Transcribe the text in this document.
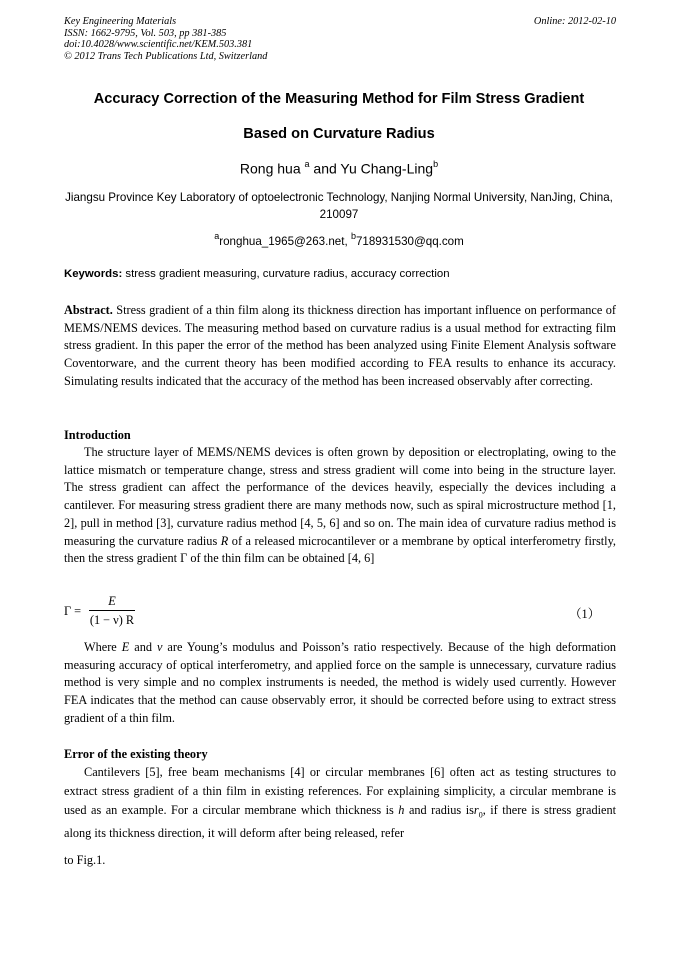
Key Engineering Materials
ISSN: 1662-9795, Vol. 503, pp 381-385
doi:10.4028/www.scientific.net/KEM.503.381
© 2012 Trans Tech Publications Ltd, Switzerland
Online: 2012-02-10
Accuracy Correction of the Measuring Method for Film Stress Gradient
Based on Curvature Radius
Rong hua $^a$ and Yu Chang-Ling$^b$
Jiangsu Province Key Laboratory of optoelectronic Technology, Nanjing Normal University, NanJing, China, 210097
$^a$ronghua_1965@263.net, $^b$718931530@qq.com
Keywords: stress gradient measuring, curvature radius, accuracy correction
Abstract. Stress gradient of a thin film along its thickness direction has important influence on performance of MEMS/NEMS devices. The measuring method based on curvature radius is a usual method for extracting film stress gradient. In this paper the error of the method has been analyzed using Finite Element Analysis software Coventorware, and the current theory has been modified according to FEA results to enhance its accuracy. Simulating results indicated that the accuracy of the method has been increased observably after correcting.
Introduction
The structure layer of MEMS/NEMS devices is often grown by deposition or electroplating, owing to the lattice mismatch or temperature change, stress and stress gradient will come into being in the structure layer. The stress gradient can affect the performance of the devices heavily, especially the devices including a cantilever. For measuring stress gradient there are many methods now, such as spiral microstructure method [1, 2], pull in method [3], curvature radius method [4, 5, 6] and so on. The main idea of curvature radius method is measuring the curvature radius R of a released microcantilever or a membrane by optical interferometry firstly, then the stress gradient Γ of the thin film can be obtained [4, 6]
Γ =
E
(1 − ν) R	（1）
Where E and ν are Young’s modulus and Poisson’s ratio respectively. Because of the high deformation measuring accuracy of optical interferometry, and applied force on the sample is unnecessary, curvature radius method is very simple and no complex instruments is needed, the method is widely used currently. However FEA indicates that the method can cause observably error, it should be corrected before using to extract stress gradient of a thin film.
Error of the existing theory
Cantilevers [5], free beam mechanisms [4] or circular membranes [6] often act as testing structures to extract stress gradient of a thin film in existing references. For explaining simplicity, a circular membrane is used as an example. For a circular membrane which thickness is h and radius isr$_0$, if there is stress gradient along its thickness direction, it will deform after being released, refer
to Fig.1.
